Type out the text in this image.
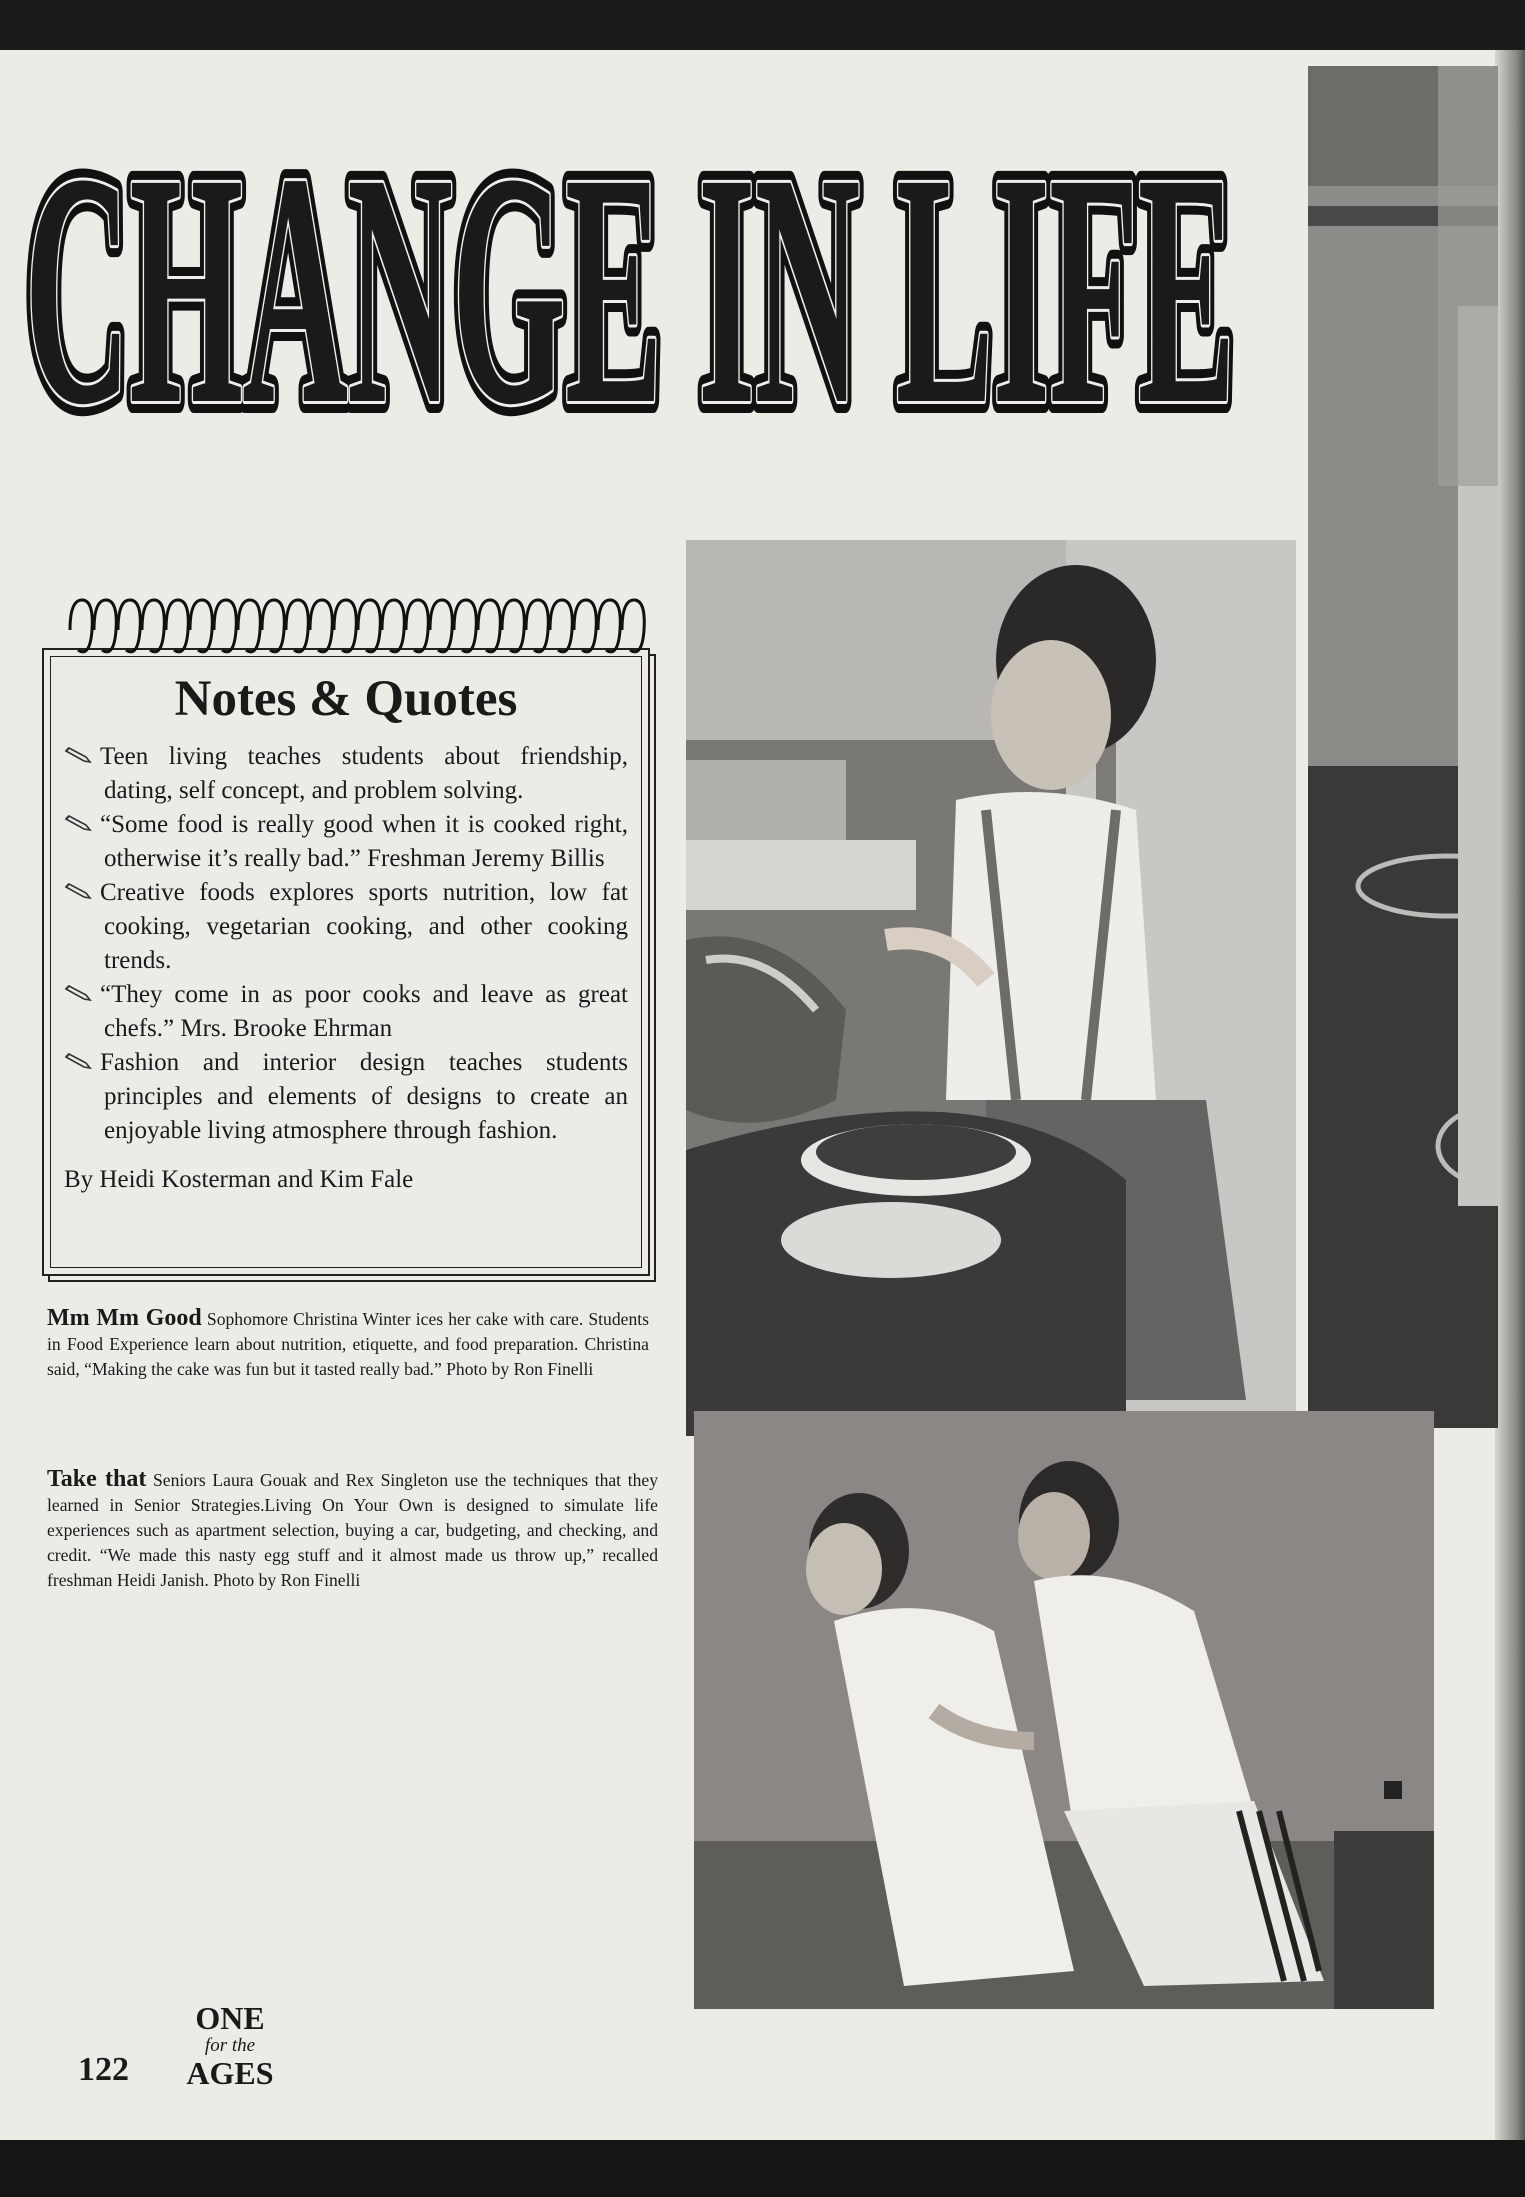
CHANGE IN LIFE
CHANGE IN LIFE
CHANGE IN LIFE
Notes & Quotes
Teen living teaches students about friendship, dating, self concept, and problem solving.
“Some food is really good when it is cooked right, otherwise it’s really bad.” Freshman Jeremy Billis
Creative foods explores sports nutrition, low fat cooking, vegetarian cooking, and other cooking trends.
“They come in as poor cooks and leave as great chefs.” Mrs. Brooke Ehrman
Fashion and interior design teaches students principles and elements of designs to create an enjoyable living atmosphere through fashion.
By Heidi Kosterman and Kim Fale
Mm Mm Good Sophomore Christina Winter ices her cake with care. Students in Food Experience learn about nutrition, etiquette, and food preparation. Christina said, “Making the cake was fun but it tasted really bad.” Photo by Ron Finelli
Take that Seniors Laura Gouak and Rex Singleton use the techniques that they learned in Senior Strategies.Living On Your Own is designed to simulate life experiences such as apartment selection, buying a car, budgeting, and checking, and credit. “We made this nasty egg stuff and it almost made us throw up,” recalled freshman Heidi Janish. Photo by Ron Finelli
122
ONE
for the
AGES
